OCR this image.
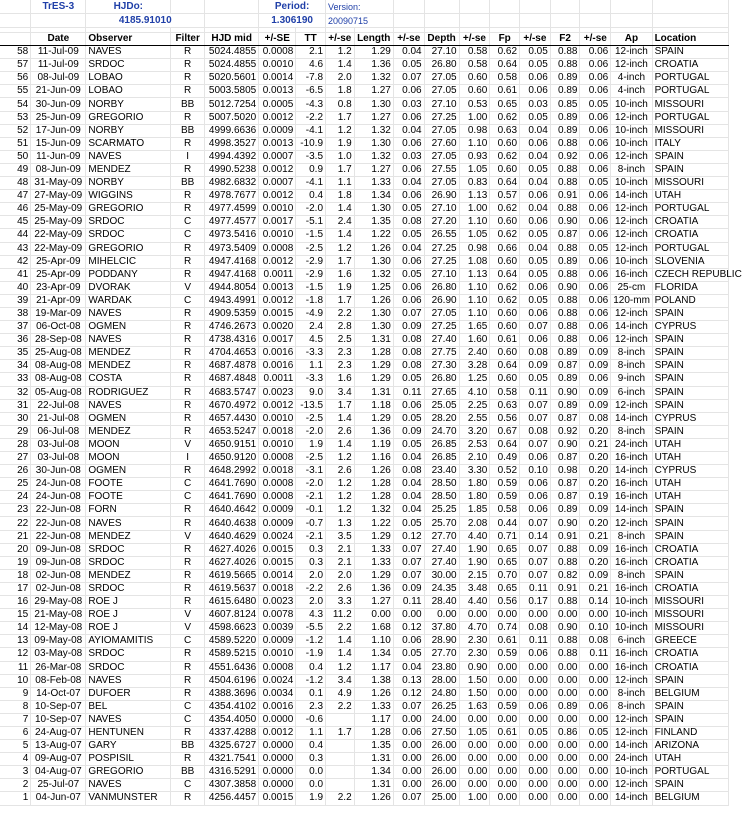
	TrES-3	HJDo:			Period:		Version:										
		4185.91010			1.306190		20090715										

	Date	Observer	Filter	HJD mid	+/-SE	TT	+/-se	Length	+/-se	Depth	+/-se	Fp	+/-se	F2	+/-se	Ap	Location
58	11-Jul-09	NAVES	R	5024.4855	0.0008	2.1	1.2	1.29	0.04	27.10	0.58	0.62	0.05	0.88	0.06	12-inch	SPAIN
57	11-Jul-09	SRDOC	R	5024.4855	0.0010	4.6	1.4	1.36	0.05	26.80	0.58	0.64	0.05	0.88	0.06	12-inch	CROATIA
56	08-Jul-09	LOBAO	R	5020.5601	0.0014	-7.8	2.0	1.32	0.07	27.05	0.60	0.58	0.06	0.89	0.06	4-inch	PORTUGAL
55	21-Jun-09	LOBAO	R	5003.5805	0.0013	-6.5	1.8	1.27	0.06	27.05	0.60	0.61	0.06	0.89	0.06	4-inch	PORTUGAL
54	30-Jun-09	NORBY	BB	5012.7254	0.0005	-4.3	0.8	1.30	0.03	27.10	0.53	0.65	0.03	0.85	0.05	10-inch	MISSOURI
53	25-Jun-09	GREGORIO	R	5007.5020	0.0012	-2.2	1.7	1.27	0.06	27.25	1.00	0.62	0.05	0.89	0.06	12-inch	PORTUGAL
52	17-Jun-09	NORBY	BB	4999.6636	0.0009	-4.1	1.2	1.32	0.04	27.05	0.98	0.63	0.04	0.89	0.06	10-inch	MISSOURI
51	15-Jun-09	SCARMATO	R	4998.3527	0.0013	-10.9	1.9	1.30	0.06	27.60	1.10	0.60	0.06	0.88	0.06	10-inch	ITALY
50	11-Jun-09	NAVES	I	4994.4392	0.0007	-3.5	1.0	1.32	0.03	27.05	0.93	0.62	0.04	0.92	0.06	12-inch	SPAIN
49	08-Jun-09	MENDEZ	R	4990.5238	0.0012	0.9	1.7	1.27	0.06	27.55	1.05	0.60	0.05	0.88	0.06	8-inch	SPAIN
48	31-May-09	NORBY	BB	4982.6832	0.0007	-4.1	1.1	1.33	0.04	27.05	0.83	0.64	0.04	0.88	0.05	10-inch	MISSOURI
47	27-May-09	WIGGINS	R	4978.7677	0.0012	0.4	1.8	1.34	0.06	26.90	1.13	0.57	0.06	0.91	0.06	14-inch	UTAH
46	25-May-09	GREGORIO	R	4977.4599	0.0010	-2.0	1.4	1.30	0.05	27.10	1.00	0.62	0.04	0.88	0.06	12-inch	PORTUGAL
45	25-May-09	SRDOC	C	4977.4577	0.0017	-5.1	2.4	1.35	0.08	27.20	1.10	0.60	0.06	0.90	0.06	12-inch	CROATIA
44	22-May-09	SRDOC	C	4973.5416	0.0010	-1.5	1.4	1.22	0.05	26.55	1.05	0.62	0.05	0.87	0.06	12-inch	CROATIA
43	22-May-09	GREGORIO	R	4973.5409	0.0008	-2.5	1.2	1.26	0.04	27.25	0.98	0.66	0.04	0.88	0.05	12-inch	PORTUGAL
42	25-Apr-09	MIHELCIC	R	4947.4168	0.0012	-2.9	1.7	1.30	0.06	27.25	1.08	0.60	0.05	0.89	0.06	10-inch	SLOVENIA
41	25-Apr-09	PODDANY	R	4947.4168	0.0011	-2.9	1.6	1.32	0.05	27.10	1.13	0.64	0.05	0.88	0.06	16-inch	CZECH REPUBLIC
40	23-Apr-09	DVORAK	V	4944.8054	0.0013	-1.5	1.9	1.25	0.06	26.80	1.10	0.62	0.06	0.90	0.06	25-cm	FLORIDA
39	21-Apr-09	WARDAK	C	4943.4991	0.0012	-1.8	1.7	1.26	0.06	26.90	1.10	0.62	0.05	0.88	0.06	120-mm	POLAND
38	19-Mar-09	NAVES	R	4909.5359	0.0015	-4.9	2.2	1.30	0.07	27.05	1.10	0.60	0.06	0.88	0.06	12-inch	SPAIN
37	06-Oct-08	OGMEN	R	4746.2673	0.0020	2.4	2.8	1.30	0.09	27.25	1.65	0.60	0.07	0.88	0.06	14-inch	CYPRUS
36	28-Sep-08	NAVES	R	4738.4316	0.0017	4.5	2.5	1.31	0.08	27.40	1.60	0.61	0.06	0.88	0.06	12-inch	SPAIN
35	25-Aug-08	MENDEZ	R	4704.4653	0.0016	-3.3	2.3	1.28	0.08	27.75	2.40	0.60	0.08	0.89	0.09	8-inch	SPAIN
34	08-Aug-08	MENDEZ	R	4687.4878	0.0016	1.1	2.3	1.29	0.08	27.30	3.28	0.64	0.09	0.87	0.09	8-inch	SPAIN
33	08-Aug-08	COSTA	R	4687.4848	0.0011	-3.3	1.6	1.29	0.05	26.80	1.25	0.60	0.05	0.89	0.06	9-inch	SPAIN
32	05-Aug-08	RODRIGUEZ	R	4683.5747	0.0023	9.0	3.4	1.31	0.11	27.65	4.10	0.58	0.11	0.90	0.09	6-inch	SPAIN
31	22-Jul-08	NAVES	R	4670.4972	0.0012	-13.5	1.7	1.18	0.06	25.05	2.25	0.63	0.07	0.89	0.09	12-inch	SPAIN
30	21-Jul-08	OGMEN	R	4657.4430	0.0010	-2.5	1.4	1.29	0.05	28.20	2.55	0.56	0.07	0.87	0.08	14-inch	CYPRUS
29	06-Jul-08	MENDEZ	R	4653.5247	0.0018	-2.0	2.6	1.36	0.09	24.70	3.20	0.67	0.08	0.92	0.20	8-inch	SPAIN
28	03-Jul-08	MOON	V	4650.9151	0.0010	1.9	1.4	1.19	0.05	26.85	2.53	0.64	0.07	0.90	0.21	24-inch	UTAH
27	03-Jul-08	MOON	I	4650.9120	0.0008	-2.5	1.2	1.16	0.04	26.85	2.10	0.49	0.06	0.87	0.20	16-inch	UTAH
26	30-Jun-08	OGMEN	R	4648.2992	0.0018	-3.1	2.6	1.26	0.08	23.40	3.30	0.52	0.10	0.98	0.20	14-inch	CYPRUS
25	24-Jun-08	FOOTE	C	4641.7690	0.0008	-2.0	1.2	1.28	0.04	28.50	1.80	0.59	0.06	0.87	0.20	16-inch	UTAH
24	24-Jun-08	FOOTE	C	4641.7690	0.0008	-2.1	1.2	1.28	0.04	28.50	1.80	0.59	0.06	0.87	0.19	16-inch	UTAH
23	22-Jun-08	FORN	R	4640.4642	0.0009	-0.1	1.2	1.32	0.04	25.25	1.85	0.58	0.06	0.89	0.09	14-inch	SPAIN
22	22-Jun-08	NAVES	R	4640.4638	0.0009	-0.7	1.3	1.22	0.05	25.70	2.08	0.44	0.07	0.90	0.20	12-inch	SPAIN
21	22-Jun-08	MENDEZ	V	4640.4629	0.0024	-2.1	3.5	1.29	0.12	27.70	4.40	0.71	0.14	0.91	0.21	8-inch	SPAIN
20	09-Jun-08	SRDOC	R	4627.4026	0.0015	0.3	2.1	1.33	0.07	27.40	1.90	0.65	0.07	0.88	0.09	16-inch	CROATIA
19	09-Jun-08	SRDOC	R	4627.4026	0.0015	0.3	2.1	1.33	0.07	27.40	1.90	0.65	0.07	0.88	0.20	16-inch	CROATIA
18	02-Jun-08	MENDEZ	R	4619.5665	0.0014	2.0	2.0	1.29	0.07	30.00	2.15	0.70	0.07	0.82	0.09	8-inch	SPAIN
17	02-Jun-08	SRDOC	R	4619.5637	0.0018	-2.2	2.6	1.36	0.09	24.35	3.48	0.65	0.11	0.91	0.21	16-inch	CROATIA
16	29-May-08	ROE J	R	4615.6480	0.0023	2.0	3.3	1.27	0.11	28.40	4.40	0.56	0.17	0.88	0.14	10-inch	MISSOURI
15	21-May-08	ROE J	V	4607.8124	0.0078	4.3	11.2	0.00	0.00	0.00	0.00	0.00	0.00	0.00	0.00	10-inch	MISSOURI
14	12-May-08	ROE J	V	4598.6623	0.0039	-5.5	2.2	1.68	0.12	37.80	4.70	0.74	0.08	0.90	0.10	10-inch	MISSOURI
13	09-May-08	AYIOMAMITIS	C	4589.5220	0.0009	-1.2	1.4	1.10	0.06	28.90	2.30	0.61	0.11	0.88	0.08	6-inch	GREECE
12	03-May-08	SRDOC	R	4589.5215	0.0010	-1.9	1.4	1.34	0.05	27.70	2.30	0.59	0.06	0.88	0.11	16-inch	CROATIA
11	26-Mar-08	SRDOC	R	4551.6436	0.0008	0.4	1.2	1.17	0.04	23.80	0.90	0.00	0.00	0.00	0.00	16-inch	CROATIA
10	08-Feb-08	NAVES	R	4504.6196	0.0024	-1.2	3.4	1.38	0.13	28.00	1.50	0.00	0.00	0.00	0.00	12-inch	SPAIN
9	14-Oct-07	DUFOER	R	4388.3696	0.0034	0.1	4.9	1.26	0.12	24.80	1.50	0.00	0.00	0.00	0.00	8-inch	BELGIUM
8	10-Sep-07	BEL	C	4354.4102	0.0016	2.3	2.2	1.33	0.07	26.25	1.63	0.59	0.06	0.89	0.06	8-inch	SPAIN
7	10-Sep-07	NAVES	C	4354.4050	0.0000	-0.6		1.17	0.00	24.00	0.00	0.00	0.00	0.00	0.00	12-inch	SPAIN
6	24-Aug-07	HENTUNEN	R	4337.4288	0.0012	1.1	1.7	1.28	0.06	27.50	1.05	0.61	0.05	0.86	0.05	12-inch	FINLAND
5	13-Aug-07	GARY	BB	4325.6727	0.0000	0.4		1.35	0.00	26.00	0.00	0.00	0.00	0.00	0.00	14-inch	ARIZONA
4	09-Aug-07	POSPISIL	R	4321.7541	0.0000	0.3		1.31	0.00	26.00	0.00	0.00	0.00	0.00	0.00	24-inch	UTAH
3	04-Aug-07	GREGORIO	BB	4316.5291	0.0000	0.0		1.34	0.00	26.00	0.00	0.00	0.00	0.00	0.00	10-inch	PORTUGAL
2	25-Jul-07	NAVES	C	4307.3858	0.0000	0.0		1.31	0.00	26.00	0.00	0.00	0.00	0.00	0.00	12-inch	SPAIN
1	04-Jun-07	VANMUNSTER	R	4256.4457	0.0015	1.9	2.2	1.26	0.07	25.00	1.00	0.00	0.00	0.00	0.00	14-inch	BELGIUM
